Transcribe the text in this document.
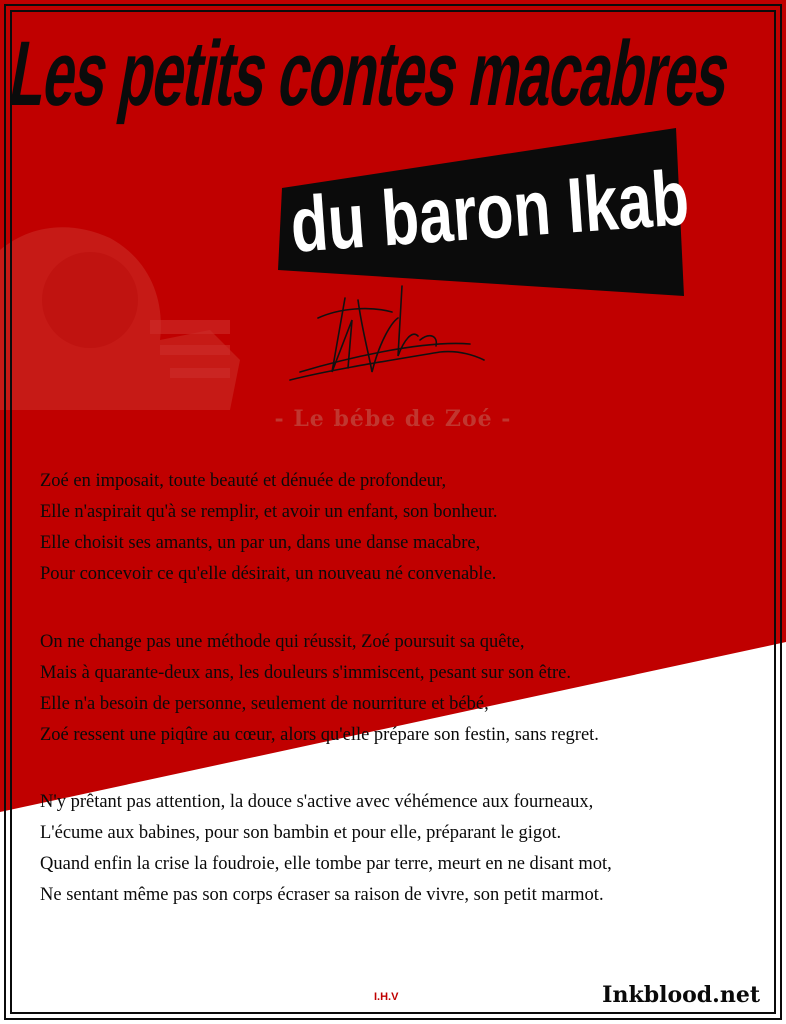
Les petits contes macabres
du baron Ikab
- Le bébe de Zoé -
Zoé en imposait, toute beauté et dénuée de profondeur,
Elle n'aspirait qu'à se remplir, et avoir un enfant, son bonheur.
Elle choisit ses amants, un par un, dans une danse macabre,
Pour concevoir ce qu'elle désirait, un nouveau né convenable.
On ne change pas une méthode qui réussit, Zoé poursuit sa quête,
Mais à quarante-deux ans, les douleurs s'immiscent, pesant sur son être.
Elle n'a besoin de personne, seulement de nourriture et bébé,
Zoé ressent une piqûre au cœur, alors qu'elle prépare son festin, sans regret.
N'y prêtant pas attention, la douce s'active avec véhémence aux fourneaux,
L'écume aux babines, pour son bambin et pour elle, préparant le gigot.
Quand enfin la crise la foudroie, elle tombe par terre, meurt en ne disant mot,
Ne sentant même pas son corps écraser sa raison de vivre, son petit marmot.
I.H.V	Inkblood.net
